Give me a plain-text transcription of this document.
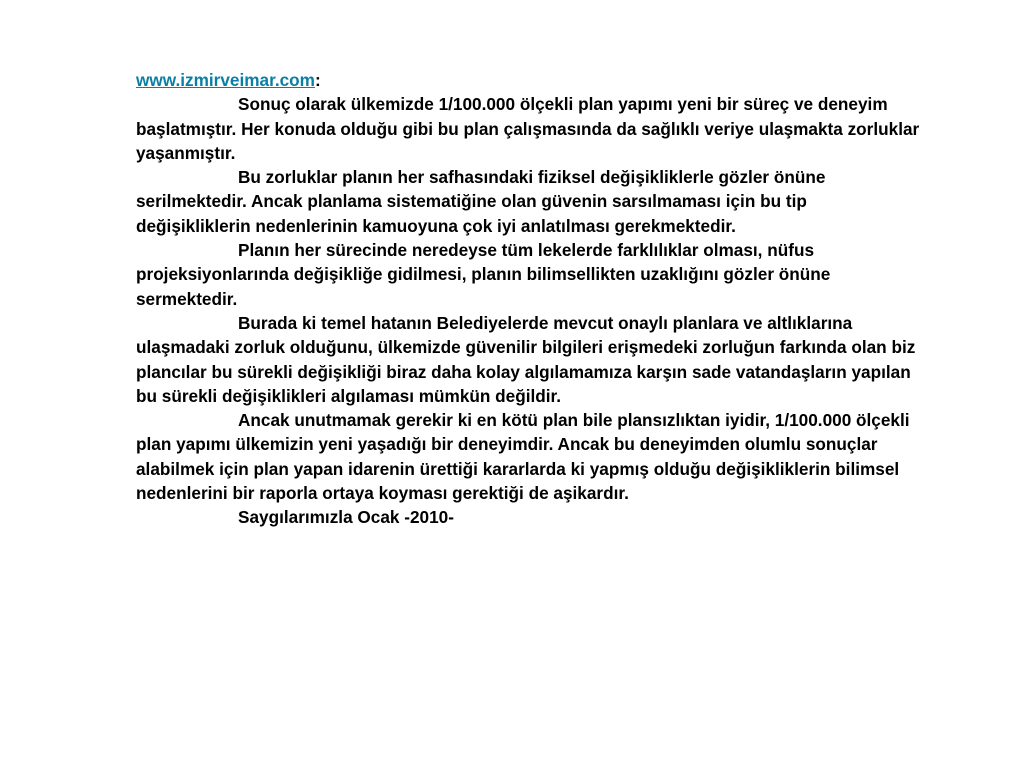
www.izmirveimar.com:

Sonuç olarak ülkemizde 1/100.000 ölçekli plan yapımı yeni bir süreç ve deneyim başlatmıştır. Her konuda olduğu gibi bu plan çalışmasında da sağlıklı veriye ulaşmakta zorluklar yaşanmıştır.

Bu zorluklar planın her safhasındaki fiziksel değişikliklerle gözler önüne serilmektedir. Ancak planlama sistematiğine olan güvenin sarsılmaması için bu tip değişikliklerin nedenlerinin kamuoyuna çok iyi anlatılması gerekmektedir.

Planın her sürecinde neredeyse tüm lekelerde farklılıklar olması, nüfus projeksiyonlarında değişikliğe gidilmesi, planın bilimsellikten uzaklığını gözler önüne sermektedir.

Burada ki temel hatanın Belediyelerde mevcut onaylı planlara ve altlıklarına ulaşmadaki zorluk olduğunu, ülkemizde güvenilir bilgileri erişmedeki zorluğun farkında olan biz plancılar bu sürekli değişikliği biraz daha kolay algılamamıza karşın sade vatandaşların yapılan bu sürekli değişiklikleri algılaması mümkün değildir.

Ancak unutmamak gerekir ki en kötü plan bile plansızlıktan iyidir, 1/100.000 ölçekli plan yapımı ülkemizin yeni yaşadığı bir deneyimdir. Ancak bu deneyimden olumlu sonuçlar alabilmek için plan yapan idarenin ürettiği kararlarda ki yapmış olduğu değişikliklerin bilimsel nedenlerini bir raporla ortaya koyması gerektiği de aşikardır.

Saygılarımızla Ocak -2010-
